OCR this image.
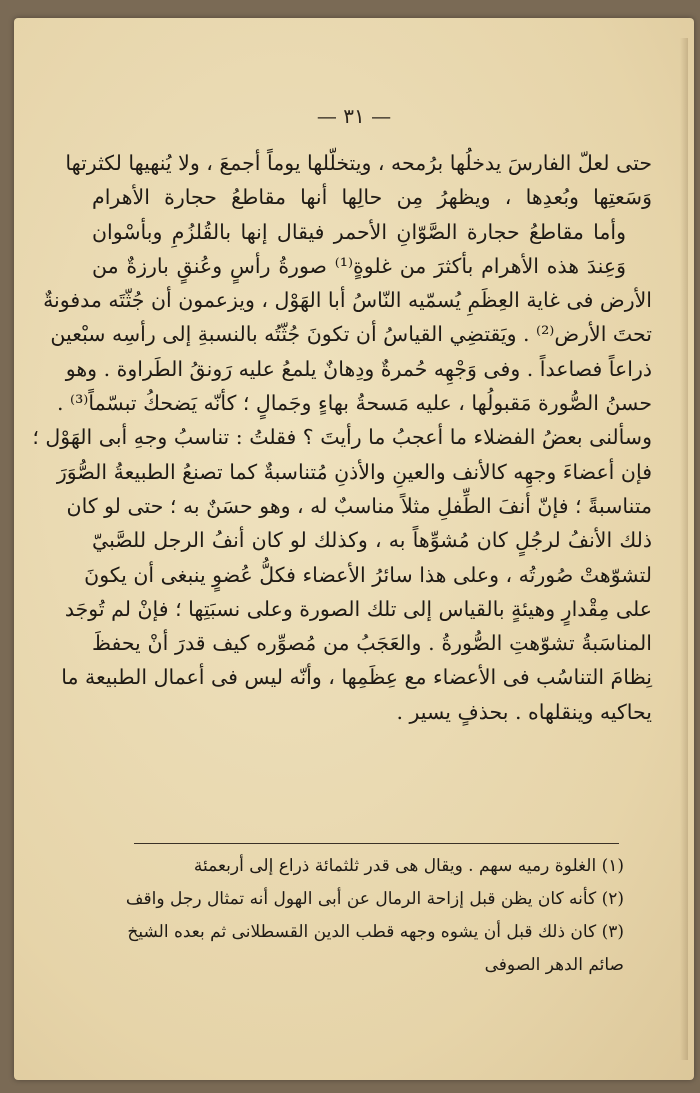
— ٣١ —
حتى لعلّ الفارسَ يدخلُها برُمحه ، ويتخلّلها يوماً أجمعَ ، ولا يُنهيها لكثرتها
وَسَعتِها وبُعدِها ، ويظهرُ مِن حالِها أنها مقاطعُ حجارة الأهرام
وأما مقاطعُ حجارة الصَّوّانِ الأحمر فيقال إنها بالقُلزُمِ وبأسْوان
وَعِندَ هذه الأهرام بأكثرَ من غلوةٍ⁽¹⁾ صورةُ رأسٍ وعُنقٍ بارزةٌ من
الأرض فى غاية العِظَمِ يُسمّيه النّاسُ أبا الهَوْل ، ويزعمون أن جُثّتَه مدفونةٌ
تحتَ الأرض⁽²⁾ . ويَقتضِي القياسُ أن تكونَ جُثّتُه بالنسبةِ إلى رأسِه سبْعين
ذراعاً فصاعداً . وفى وَجْهِه حُمرةٌ ودِهانٌ يلمعُ عليه رَونقُ الطَراوة . وهو
حسنُ الصُّورة مَقبولُها ، عليه مَسحةُ بهاءٍ وجَمالٍ ؛ كأنّه يَضحكُ تبسّماً⁽³⁾ .
وسألنى بعضُ الفضلاء ما أعجبُ ما رأيتَ ؟ فقلتُ : تناسبُ وجهِ أبى الهَوْل ؛
فإن أعضاءَ وجهِه كالأنف والعينِ والأذنِ مُتناسبةٌ كما تصنعُ الطبيعةُ الصُّوَرَ
متناسبةً ؛ فإنّ أنفَ الطِّفلِ مثلاً مناسبٌ له ، وهو حسَنٌ به ؛ حتى لو كان
ذلك الأنفُ لرجُلٍ كان مُشوِّهاً به ، وكذلك لو كان أنفُ الرجل للصَّبيّ
لتشوّهتْ صُورتُه ، وعلى هذا سائرُ الأعضاء فكلُّ عُضوٍ ينبغى أن يكونَ
على مِقْدارٍ وهيئةٍ بالقياس إلى تلك الصورة وعلى نسبَتِها ؛ فإنْ لم تُوجَد
المناسَبةُ تشوّهتِ الصُّورةُ . والعَجَبُ من مُصوِّره كيف قدرَ أنْ يحفظَ
نِظامَ التناسُب فى الأعضاء مع عِظَمِها ، وأنّه ليس فى أعمال الطبيعة ما
يحاكيه وينقلهاه . بحذفٍ يسير .
(١) الغلوة رميه سهم . ويقال هى قدر ثلثمائة ذراع إلى أربعمئة
(٢) كأنه كان يظن قبل إزاحة الرمال عن أبى الهول أنه تمثال رجل واقف
(٣) كان ذلك قبل أن يشوه وجهه قطب الدين القسطلانى ثم بعده الشيخ
صائم الدهر الصوفى
